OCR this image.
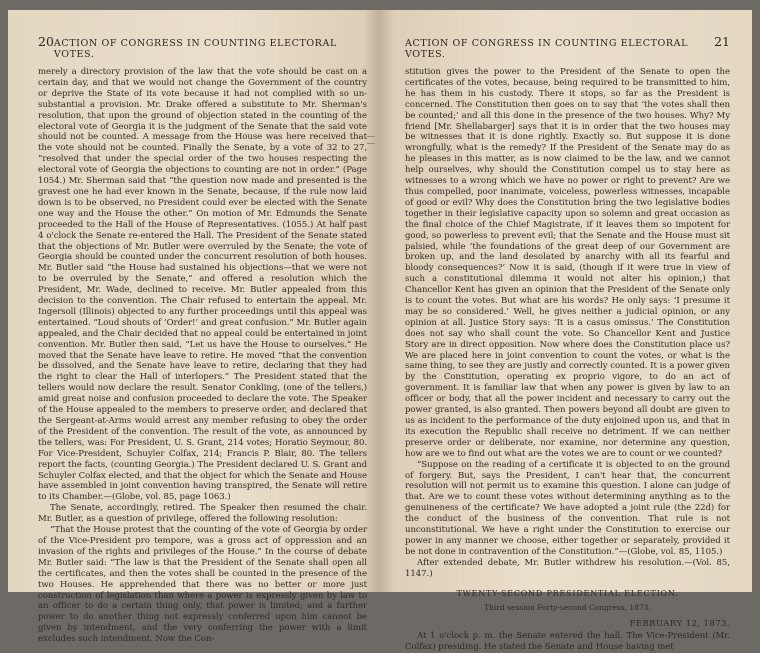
20 ACTION OF CONGRESS IN COUNTING ELECTORAL VOTES.

merely a directory provision of the law that the vote should be cast on a certain day, and that we would not change the Government of the country or deprive the State of its vote because it had not complied with so un-substantial a provision. Mr. Drake offered a substitute to Mr. Sherman's resolution, that upon the ground of objection stated in the counting of the electoral vote of Georgia it is the judgment of the Senate that the said vote should not be counted. A message from the House was here received that the vote should not be counted. Finally the Senate, by a vote of 32 to 27, “resolved that under the special order of the two houses respecting the electoral vote of Georgia the objections to counting are not in order.” (Page 1054.) Mr. Sherman said that “the question now made and presented is the gravest one he had ever known in the Senate, because, if the rule now laid down is to be observed, no President could ever be elected with the Senate one way and the House the other.” On motion of Mr. Edmunds the Senate proceeded to the Hall of the House of Representatives. (1055.) At half past 4 o'clock the Senate re-entered the Hall. The President of the Senate stated that the objections of Mr. Butler were overruled by the Senate; the vote of Georgia should be counted under the concurrent resolution of both houses. Mr. Butler said “the House had sustained his objections—that we were not to be overruled by the Senate,” and offered a resolution which the President, Mr. Wade, declined to receive. Mr. Butler appealed from this decision to the convention. The Chair refused to entertain the appeal. Mr. Ingersoll (Illinois) objected to any further proceedings until this appeal was entertained. “Loud shouts of ‘Order!’ and great confusion.” Mr. Butler again appealed, and the Chair decided that no appeal could be entertained in joint convention. Mr. Butler then said, “Let us have the House to ourselves.” He moved that the Senate have leave to retire. He moved “that the convention be dissolved, and the Senate have leave to retire, declaring that they had the right to clear the Hall of interlopers.” The President stated that the tellers would now declare the result. Senator Conkling, (one of the tellers,) amid great noise and confusion proceeded to declare the vote. The Speaker of the House appealed to the members to preserve order, and declared that the Sergeant-at-Arms would arrest any member refusing to obey the order of the President of the convention. The result of the vote, as announced by the tellers, was: For President, U. S. Grant, 214 votes; Horatio Seymour, 80. For Vice-President, Schuyler Colfax, 214; Francis P. Blair, 80. The tellers report the facts, (counting Georgia.) The President declared U. S. Grant and Schuyler Colfax elected, and that the object for which the Senate and House have assembled in joint convention having transpired, the Senate will retire to its Chamber.—(Globe, vol. 85, page 1063.)

The Senate, accordingly, retired. The Speaker then resumed the chair. Mr. Butler, as a question of privilege, offered the following resolution:

“That the House protest that the counting of the vote of Georgia by order of the Vice-President pro tempore, was a gross act of oppression and an invasion of the rights and privileges of the House.” In the course of debate Mr. Butler said: “The law is that the President of the Senate shall open all the certificates, and then the votes shall be counted in the presence of the two Houses. He apprehended that there was no better or more just construction of legislation than where a power is expressly given by law to an officer to do a certain thing only, that power is limited; and a further power to do another thing not expressly conferred upon him cannot be given by intendment, and the very conferring the power with a limit excludes such intendment. Now the Con-

ACTION OF CONGRESS IN COUNTING ELECTORAL VOTES.
21

stitution gives the power to the President of the Senate to open the certificates of the votes, because, being required to be transmitted to him, he has them in his custody. There it stops, so far as the President is concerned. The Constitution then goes on to say that ‘the votes shall then be counted;’ and all this done in the presence of the two houses. Why? My friend [Mr. Shellabarger] says that it is in order that the two houses may be witnesses that it is done rightly. Exactly so. But suppose it is done wrongfully, what is the remedy? If the President of the Senate may do as he pleases in this matter, as is now claimed to be the law, and we cannot help ourselves, why should the Constitution compel us to stay here as witnesses to a wrong which we have no power or right to prevent? Are we thus compelled, poor inanimate, voiceless, powerless witnesses, incapable of good or evil? Why does the Constitution bring the two legislative bodies together in their legislative capacity upon so solemn and great occasion as the final choice of the Chief Magistrate, if it leaves them so impotent for good, so powerless to prevent evil; that the Senate and the House must sit palsied, while ‘the foundations of the great deep of our Government are broken up, and the land desolated by anarchy with all its fearful and bloody consequences?’ Now it is said, (though if it were true in view of such a constitutional dilemma it would not alter his opinion,) that Chancellor Kent has given an opinion that the President of the Senate only is to count the votes. But what are his words? He only says: ‘I presume it may be so considered.’ Well, he gives neither a judicial opinion, or any opinion at all. Justice Story says: ‘It is a casus omissus.’ The Constitution does not say who shall count the vote. So Chancellor Kent and Justice Story are in direct opposition. Now where does the Constitution place us? We are placed here in joint convention to count the votes, or what is the same thing, to see they are justly and correctly counted. It is a power given by the Constitution, operating ex proprio vigore, to do an act of government. It is familiar law that when any power is given by law to an officer or body, that all the power incident and necessary to carry out the power granted, is also granted. Then powers beyond all doubt are given to us as incident to the performance of the duty enjoined upon us, and that in its execution the Republic shall receive no detriment. If we can neither preserve order or deliberate, nor examine, nor determine any question, how are we to find out what are the votes we are to count or we counted?

“Suppose on the reading of a certificate it is objected to on the ground of forgery. But, says the President, I can't hear that, the concurrent resolution will not permit us to examine this question. I alone can judge of that. Are we to count these votes without determining anything as to the genuineness of the certificate? We have adopted a joint rule (the 22d) for the conduct of the business of the convention. That rule is not unconstitutional. We have a right under the Constitution to exercise our power in any manner we choose, either together or separately, provided it be not done in contravention of the Constitution.”—(Globe, vol. 85, 1105.)

After extended debate, Mr. Butler withdrew his resolution.—(Vol. 85, 1147.)

TWENTY-SECOND PRESIDENTIAL ELECTION.
Third session Forty-second Congress, 1873.
FEBRUARY 12, 1873.

At 1 o'clock p. m. the Senate entered the hall. The Vice-President (Mr. Colfax) presiding. He stated the Senate and House having met
